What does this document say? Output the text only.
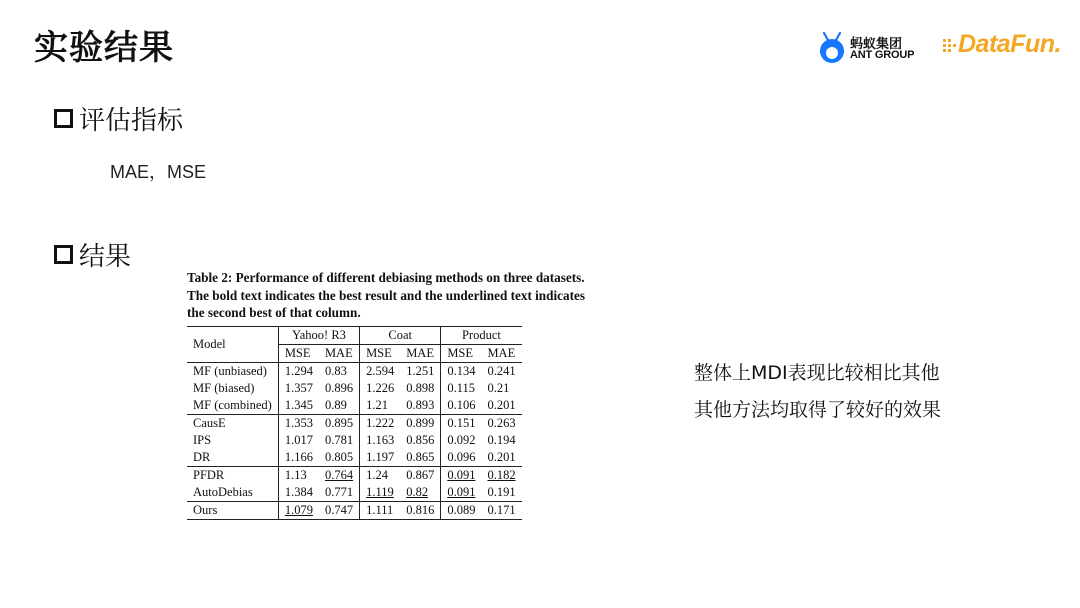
实验结果	蚂蚁集团
ANT GROUP DataFun.
评估指标
MAE，MSE
结果
Table 2: Performance of different debiasing methods on three datasets. The bold text indicates the best result and the underlined text indicates the second best of that column.
Model	Yahoo! R3		Coat		Product	
	MSE	MAE	MSE	MAE	MSE	MAE
MF (unbiased)	1.294	0.83	2.594	1.251	0.134	0.241
MF (biased)	1.357	0.896	1.226	0.898	0.115	0.21
MF (combined)	1.345	0.89	1.21	0.893	0.106	0.201
CausE	1.353	0.895	1.222	0.899	0.151	0.263
IPS	1.017	0.781	1.163	0.856	0.092	0.194
DR	1.166	0.805	1.197	0.865	0.096	0.201
PFDR	1.13	0.764	1.24	0.867	0.091	0.182
AutoDebias	1.384	0.771	1.119	0.82	0.091	0.191
Ours	1.079	0.747	1.111	0.816	0.089	0.171
整体上MDI表现比较相比其他
其他方法均取得了较好的效果
